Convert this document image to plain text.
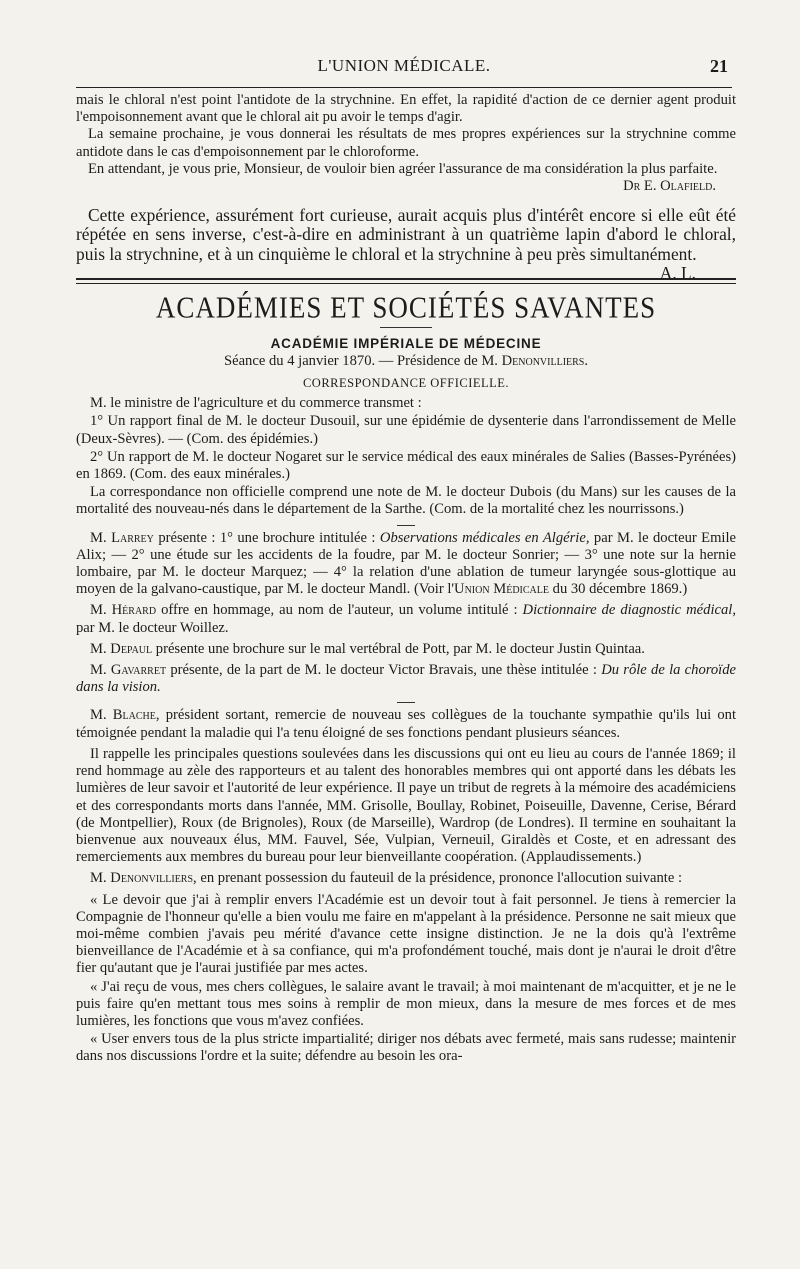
L'UNION MÉDICALE.	21

mais le chloral n'est point l'antidote de la strychnine. En effet, la rapidité d'action de ce dernier agent produit l'empoisonnement avant que le chloral ait pu avoir le temps d'agir.

La semaine prochaine, je vous donnerai les résultats de mes propres expériences sur la strychnine comme antidote dans le cas d'empoisonnement par le chloroforme.

En attendant, je vous prie, Monsieur, de vouloir bien agréer l'assurance de ma considération la plus parfaite.

Dr E. Olafield.

Cette expérience, assurément fort curieuse, aurait acquis plus d'intérêt encore si elle eût été répétée en sens inverse, c'est-à-dire en administrant à un quatrième lapin d'abord le chloral, puis la strychnine, et à un cinquième le chloral et la strychnine à peu près simultanément.
A. L.

ACADÉMIES ET SOCIÉTÉS SAVANTES
ACADÉMIE IMPÉRIALE DE MÉDECINE
Séance du 4 janvier 1870. — Présidence de M. Denonvilliers.
CORRESPONDANCE OFFICIELLE.

M. le ministre de l'agriculture et du commerce transmet :

1° Un rapport final de M. le docteur Dusouil, sur une épidémie de dysenterie dans l'arrondissement de Melle (Deux-Sèvres). — (Com. des épidémies.)

2° Un rapport de M. le docteur Nogaret sur le service médical des eaux minérales de Salies (Basses-Pyrénées) en 1869. (Com. des eaux minérales.)

La correspondance non officielle comprend une note de M. le docteur Dubois (du Mans) sur les causes de la mortalité des nouveau-nés dans le département de la Sarthe. (Com. de la mortalité chez les nourrissons.)

M. Larrey présente : 1° une brochure intitulée : Observations médicales en Algérie, par M. le docteur Emile Alix; — 2° une étude sur les accidents de la foudre, par M. le docteur Sonrier; — 3° une note sur la hernie lombaire, par M. le docteur Marquez; — 4° la relation d'une ablation de tumeur laryngée sous-glottique au moyen de la galvano-caustique, par M. le docteur Mandl. (Voir l'Union Médicale du 30 décembre 1869.)

M. Hérard offre en hommage, au nom de l'auteur, un volume intitulé : Dictionnaire de diagnostic médical, par M. le docteur Woillez.

M. Depaul présente une brochure sur le mal vertébral de Pott, par M. le docteur Justin Quintaa.

M. Gavarret présente, de la part de M. le docteur Victor Bravais, une thèse intitulée : Du rôle de la choroïde dans la vision.

M. Blache, président sortant, remercie de nouveau ses collègues de la touchante sympathie qu'ils lui ont témoignée pendant la maladie qui l'a tenu éloigné de ses fonctions pendant plusieurs séances.

Il rappelle les principales questions soulevées dans les discussions qui ont eu lieu au cours de l'année 1869; il rend hommage au zèle des rapporteurs et au talent des honorables membres qui ont apporté dans les débats les lumières de leur savoir et l'autorité de leur expérience. Il paye un tribut de regrets à la mémoire des académiciens et des correspondants morts dans l'année, MM. Grisolle, Boullay, Robinet, Poiseuille, Davenne, Cerise, Bérard (de Montpellier), Roux (de Brignoles), Roux (de Marseille), Wardrop (de Londres). Il termine en souhaitant la bienvenue aux nouveaux élus, MM. Fauvel, Sée, Vulpian, Verneuil, Giraldès et Coste, et en adressant des remerciements aux membres du bureau pour leur bienveillante coopération. (Applaudissements.)

M. Denonvilliers, en prenant possession du fauteuil de la présidence, prononce l'allocution suivante :

« Le devoir que j'ai à remplir envers l'Académie est un devoir tout à fait personnel. Je tiens à remercier la Compagnie de l'honneur qu'elle a bien voulu me faire en m'appelant à la présidence. Personne ne sait mieux que moi-même combien j'avais peu mérité d'avance cette insigne distinction. Je ne la dois qu'à l'extrême bienveillance de l'Académie et à sa confiance, qui m'a profondément touché, mais dont je n'aurai le droit d'être fier qu'autant que je l'aurai justifiée par mes actes.

« J'ai reçu de vous, mes chers collègues, le salaire avant le travail; à moi maintenant de m'acquitter, et je ne le puis faire qu'en mettant tous mes soins à remplir de mon mieux, dans la mesure de mes forces et de mes lumières, les fonctions que vous m'avez confiées.

« User envers tous de la plus stricte impartialité; diriger nos débats avec fermeté, mais sans rudesse; maintenir dans nos discussions l'ordre et la suite; défendre au besoin les ora-
